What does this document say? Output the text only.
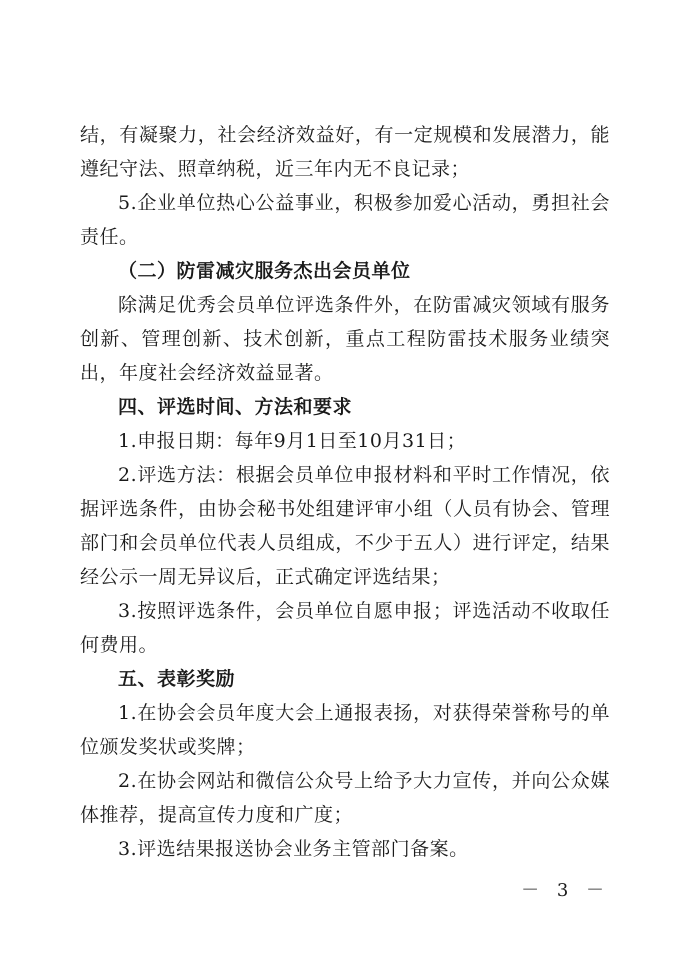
结，有凝聚力，社会经济效益好，有一定规模和发展潜力，能遵纪守法、照章纳税，近三年内无不良记录；

5.企业单位热心公益事业，积极参加爱心活动，勇担社会责任。

（二）防雷减灾服务杰出会员单位

除满足优秀会员单位评选条件外，在防雷减灾领域有服务创新、管理创新、技术创新，重点工程防雷技术服务业绩突出，年度社会经济效益显著。

四、评选时间、方法和要求

1.申报日期：每年9月1日至10月31日；

2.评选方法：根据会员单位申报材料和平时工作情况，依据评选条件，由协会秘书处组建评审小组（人员有协会、管理部门和会员单位代表人员组成，不少于五人）进行评定，结果经公示一周无异议后，正式确定评选结果；

3.按照评选条件，会员单位自愿申报；评选活动不收取任何费用。

五、表彰奖励

1.在协会会员年度大会上通报表扬，对获得荣誉称号的单位颁发奖状或奖牌；

2.在协会网站和微信公众号上给予大力宣传，并向公众媒体推荐，提高宣传力度和广度；

3.评选结果报送协会业务主管部门备案。

－ 3 －
